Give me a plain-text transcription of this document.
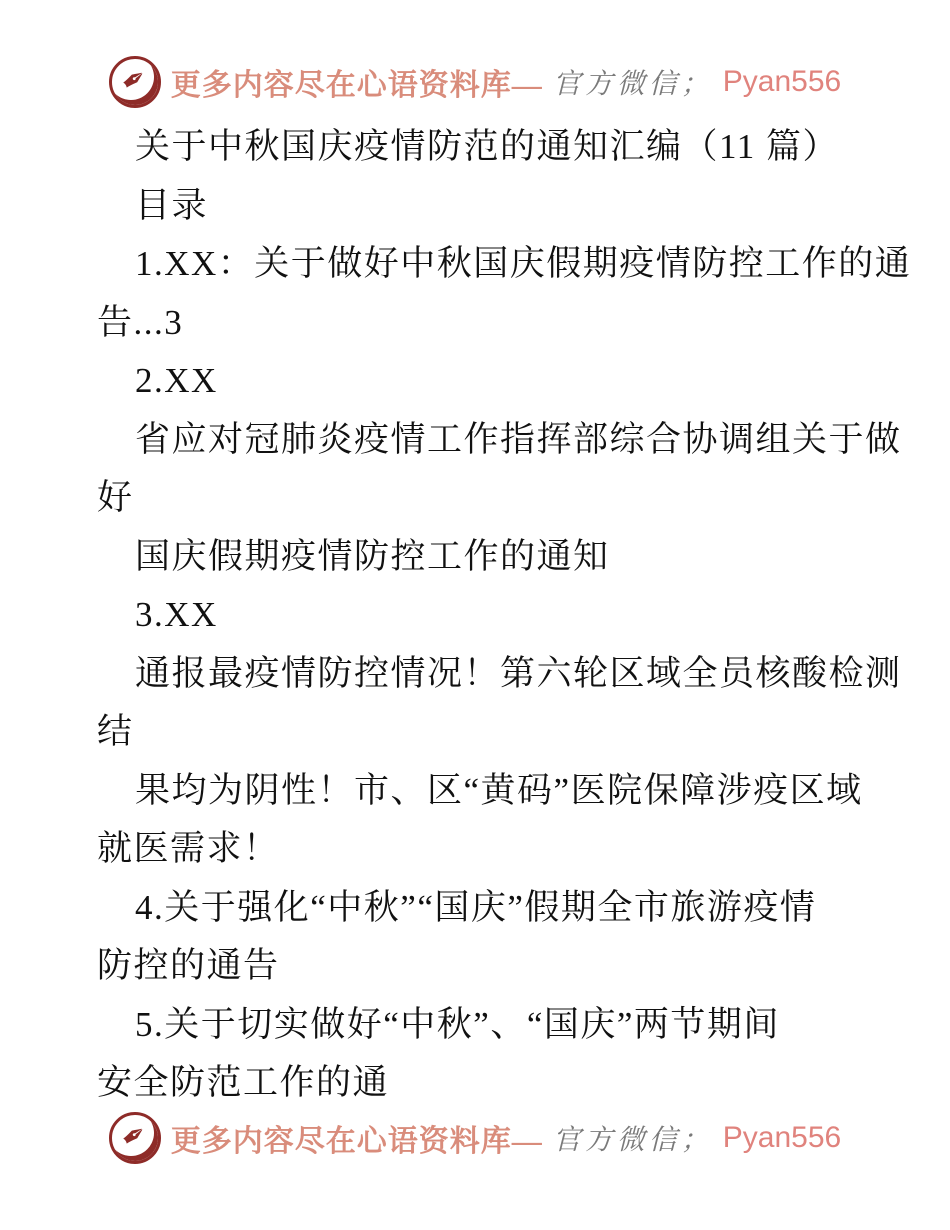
✒ 更多内容尽在心语资料库— 官方微信； Pyan556
关于中秋国庆疫情防范的通知汇编（11 篇）
目录
1.XX：关于做好中秋国庆假期疫情防控工作的通
告...3
2.XX
省应对冠肺炎疫情工作指挥部综合协调组关于做
好
国庆假期疫情防控工作的通知
3.XX
通报最疫情防控情况！第六轮区域全员核酸检测
结
果均为阴性！市、区“黄码”医院保障涉疫区域
就医需求！
4.关于强化“中秋”“国庆”假期全市旅游疫情
防控的通告
5.关于切实做好“中秋”、“国庆”两节期间
安全防范工作的通
✒ 更多内容尽在心语资料库— 官方微信； Pyan556
